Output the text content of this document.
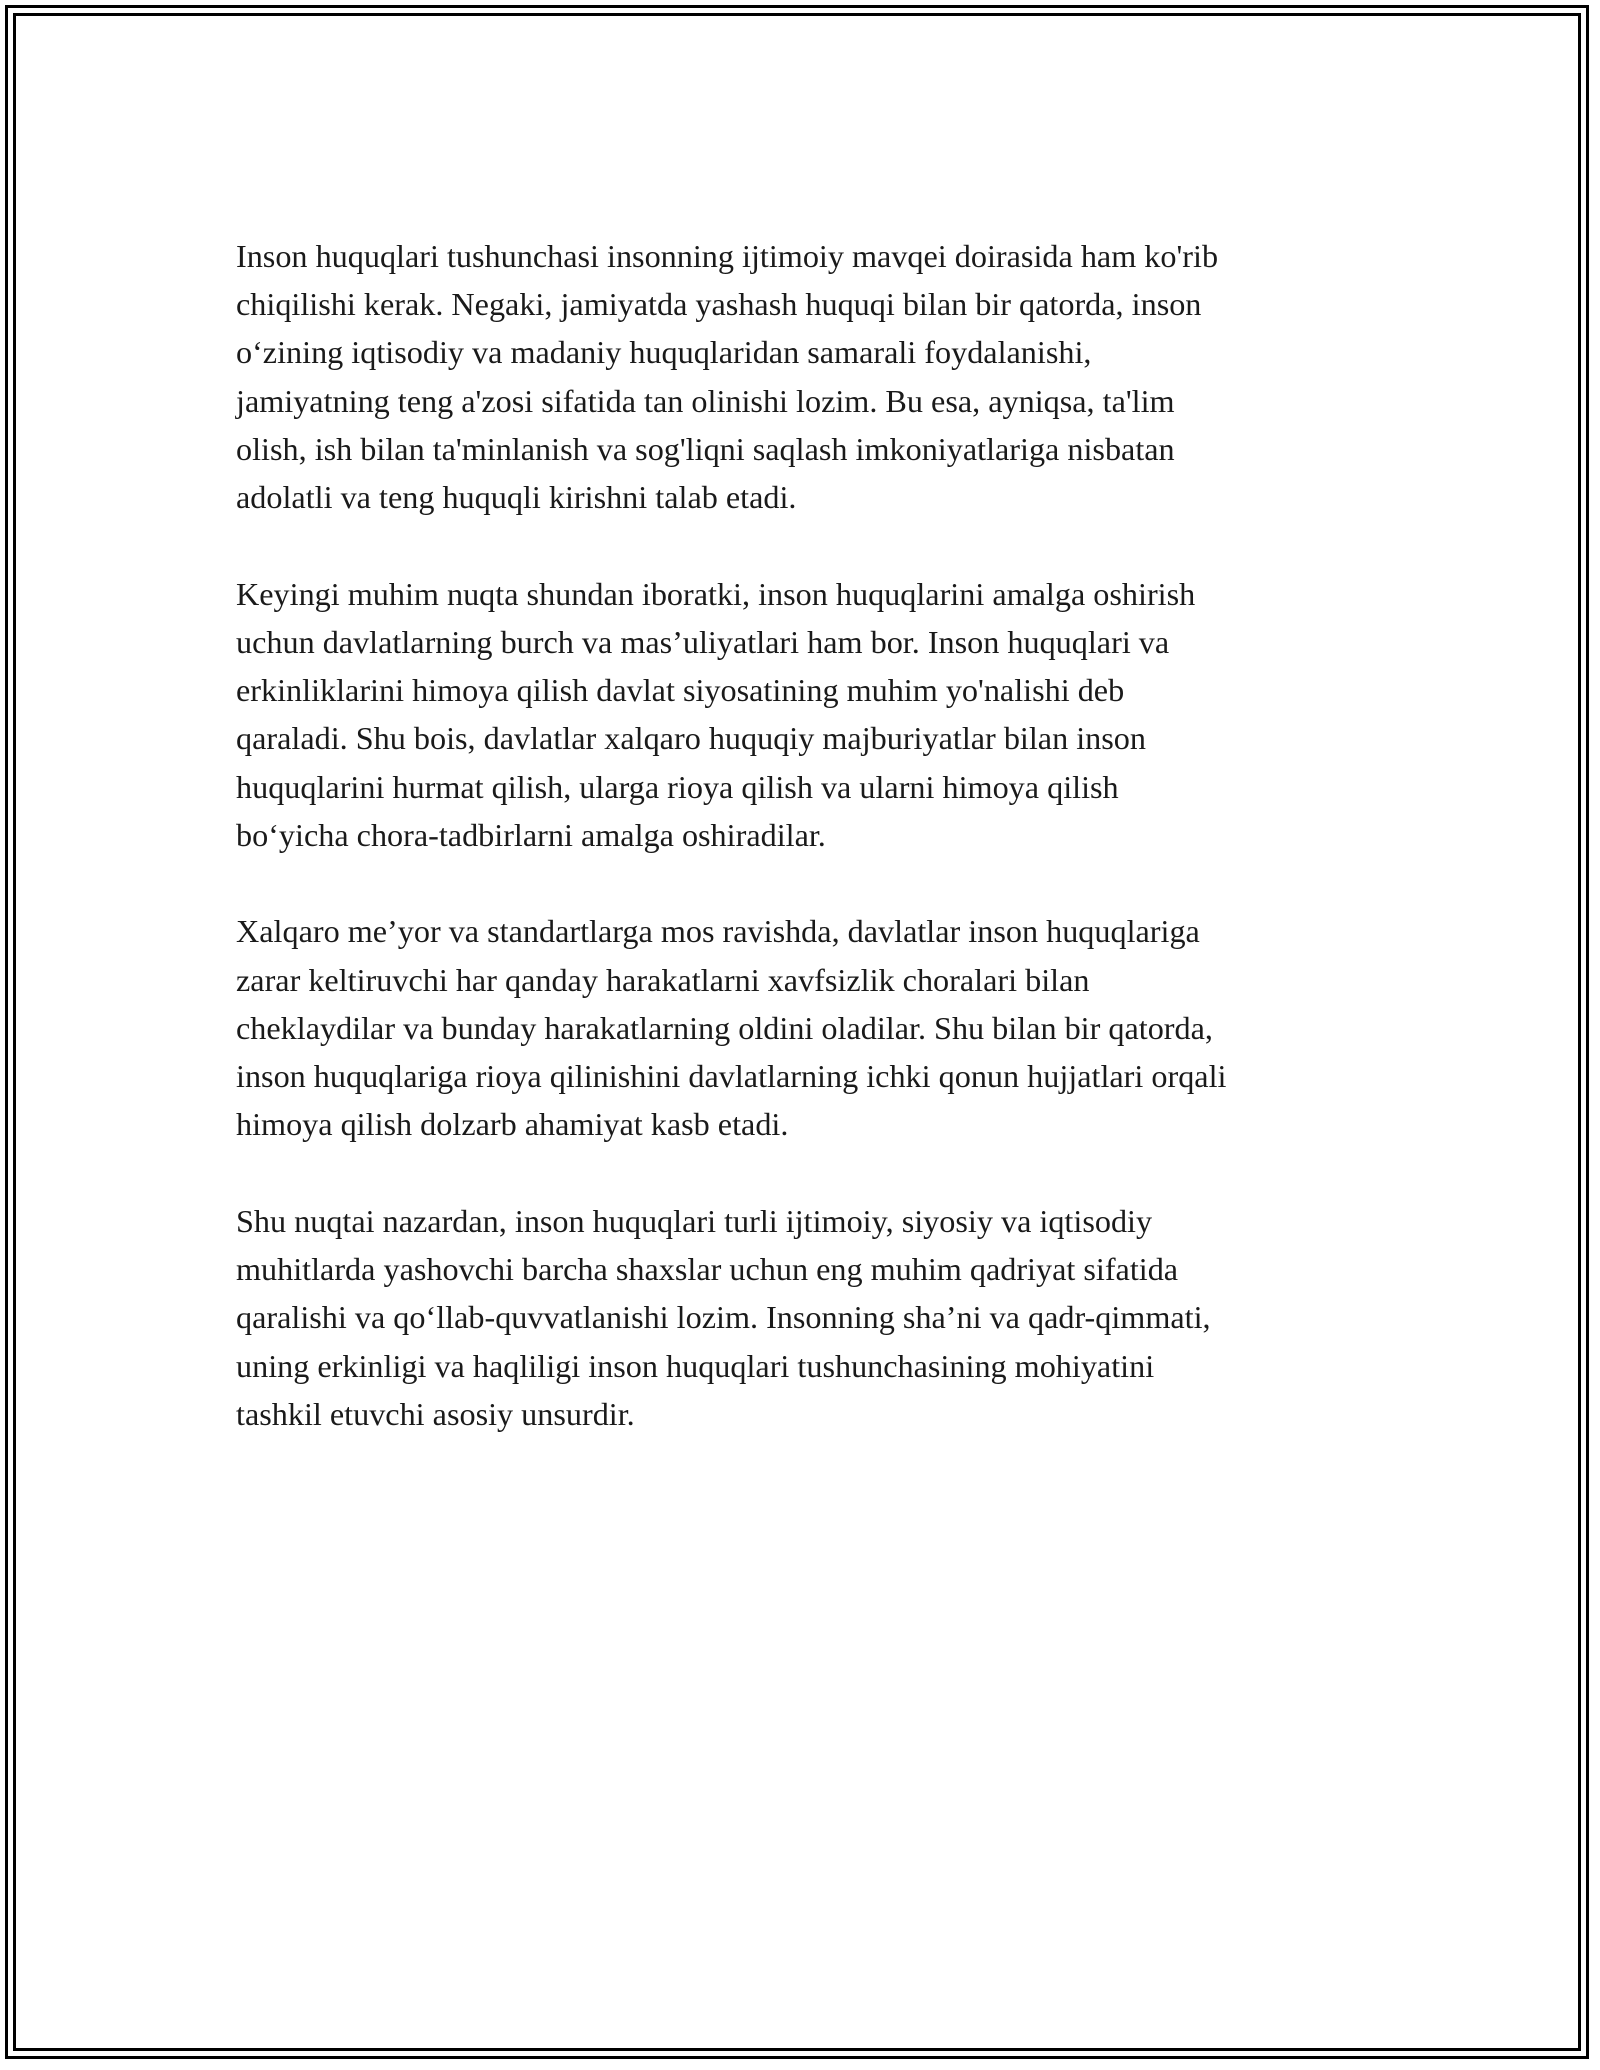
Inson huquqlari tushunchasi insonning ijtimoiy mavqei doirasida ham ko'rib
chiqilishi kerak. Negaki, jamiyatda yashash huquqi bilan bir qatorda, inson
o‘zining iqtisodiy va madaniy huquqlaridan samarali foydalanishi,
jamiyatning teng a'zosi sifatida tan olinishi lozim. Bu esa, ayniqsa, ta'lim
olish, ish bilan ta'minlanish va sog'liqni saqlash imkoniyatlariga nisbatan
adolatli va teng huquqli kirishni talab etadi.

Keyingi muhim nuqta shundan iboratki, inson huquqlarini amalga oshirish
uchun davlatlarning burch va mas’uliyatlari ham bor. Inson huquqlari va
erkinliklarini himoya qilish davlat siyosatining muhim yo'nalishi deb
qaraladi. Shu bois, davlatlar xalqaro huquqiy majburiyatlar bilan inson
huquqlarini hurmat qilish, ularga rioya qilish va ularni himoya qilish
bo‘yicha chora-tadbirlarni amalga oshiradilar.

Xalqaro me’yor va standartlarga mos ravishda, davlatlar inson huquqlariga
zarar keltiruvchi har qanday harakatlarni xavfsizlik choralari bilan
cheklaydilar va bunday harakatlarning oldini oladilar. Shu bilan bir qatorda,
inson huquqlariga rioya qilinishini davlatlarning ichki qonun hujjatlari orqali
himoya qilish dolzarb ahamiyat kasb etadi.

Shu nuqtai nazardan, inson huquqlari turli ijtimoiy, siyosiy va iqtisodiy
muhitlarda yashovchi barcha shaxslar uchun eng muhim qadriyat sifatida
qaralishi va qo‘llab-quvvatlanishi lozim. Insonning sha’ni va qadr-qimmati,
uning erkinligi va haqliligi inson huquqlari tushunchasining mohiyatini
tashkil etuvchi asosiy unsurdir.
